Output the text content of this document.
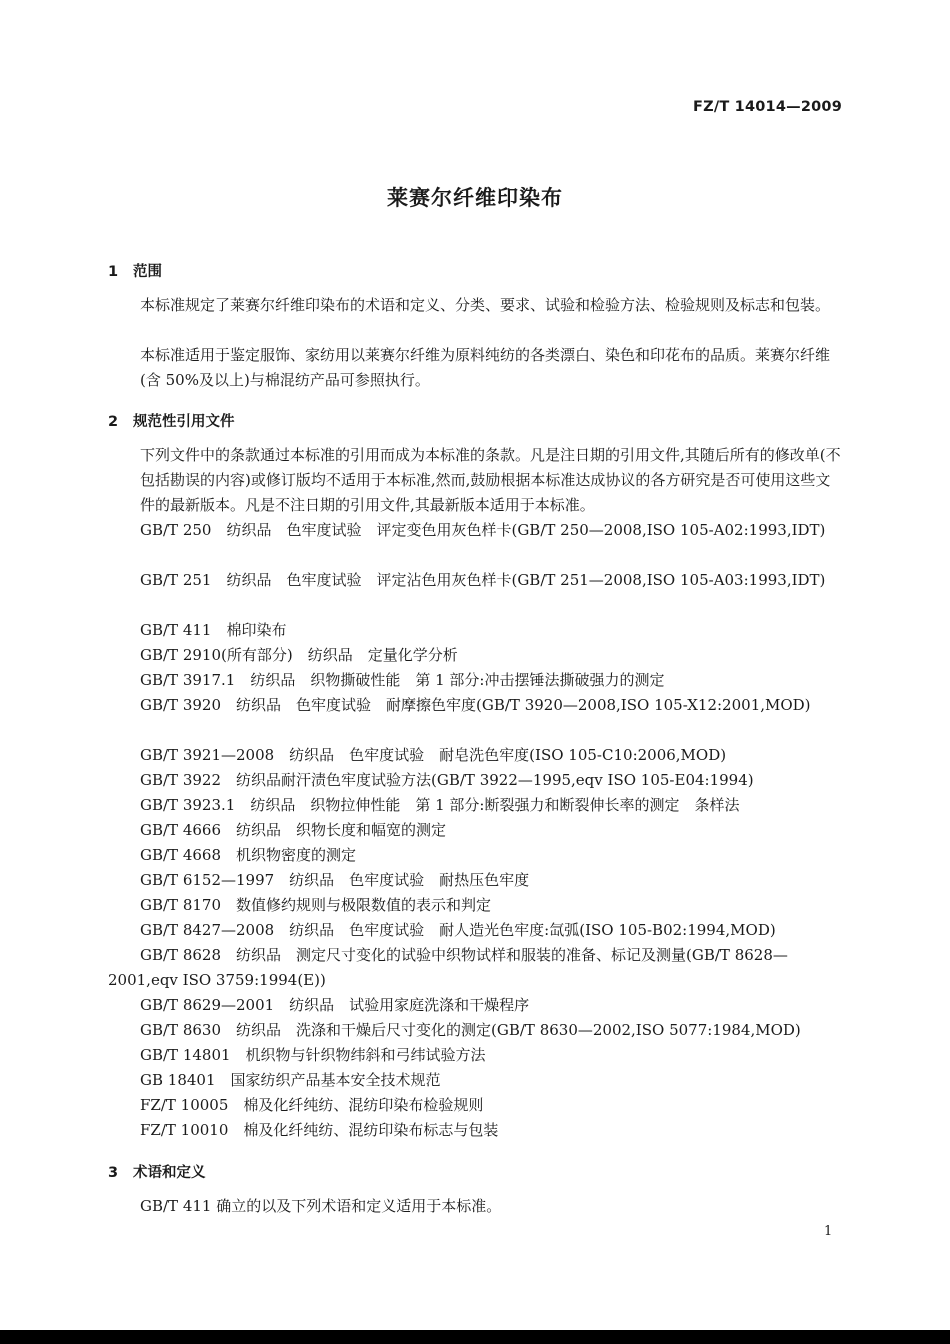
FZ/T 14014—2009
莱赛尔纤维印染布
1 范围
本标准规定了莱赛尔纤维印染布的术语和定义、分类、要求、试验和检验方法、检验规则及标志和包装。
本标准适用于鉴定服饰、家纺用以莱赛尔纤维为原料纯纺的各类漂白、染色和印花布的品质。莱赛尔纤维(含 50%及以上)与棉混纺产品可参照执行。
2 规范性引用文件
下列文件中的条款通过本标准的引用而成为本标准的条款。凡是注日期的引用文件,其随后所有的修改单(不包括勘误的内容)或修订版均不适用于本标准,然而,鼓励根据本标准达成协议的各方研究是否可使用这些文件的最新版本。凡是不注日期的引用文件,其最新版本适用于本标准。
GB/T 250　纺织品　色牢度试验　评定变色用灰色样卡(GB/T 250—2008,ISO 105-A02:1993,IDT)
GB/T 251　纺织品　色牢度试验　评定沾色用灰色样卡(GB/T 251—2008,ISO 105-A03:1993,IDT)
GB/T 411　棉印染布
GB/T 2910(所有部分)　纺织品　定量化学分析
GB/T 3917.1　纺织品　织物撕破性能　第 1 部分:冲击摆锤法撕破强力的测定
GB/T 3920　纺织品　色牢度试验　耐摩擦色牢度(GB/T 3920—2008,ISO 105-X12:2001,MOD)
GB/T 3921—2008　纺织品　色牢度试验　耐皂洗色牢度(ISO 105-C10:2006,MOD)
GB/T 3922　纺织品耐汗渍色牢度试验方法(GB/T 3922—1995,eqv ISO 105-E04:1994)
GB/T 3923.1　纺织品　织物拉伸性能　第 1 部分:断裂强力和断裂伸长率的测定　条样法
GB/T 4666　纺织品　织物长度和幅宽的测定
GB/T 4668　机织物密度的测定
GB/T 6152—1997　纺织品　色牢度试验　耐热压色牢度
GB/T 8170　数值修约规则与极限数值的表示和判定
GB/T 8427—2008　纺织品　色牢度试验　耐人造光色牢度:氙弧(ISO 105-B02:1994,MOD)
GB/T 8628　纺织品　测定尺寸变化的试验中织物试样和服装的准备、标记及测量(GB/T 8628—2001,eqv ISO 3759:1994(E))
GB/T 8629—2001　纺织品　试验用家庭洗涤和干燥程序
GB/T 8630　纺织品　洗涤和干燥后尺寸变化的测定(GB/T 8630—2002,ISO 5077:1984,MOD)
GB/T 14801　机织物与针织物纬斜和弓纬试验方法
GB 18401　国家纺织产品基本安全技术规范
FZ/T 10005　棉及化纤纯纺、混纺印染布检验规则
FZ/T 10010　棉及化纤纯纺、混纺印染布标志与包装
3 术语和定义
GB/T 411 确立的以及下列术语和定义适用于本标准。
1
